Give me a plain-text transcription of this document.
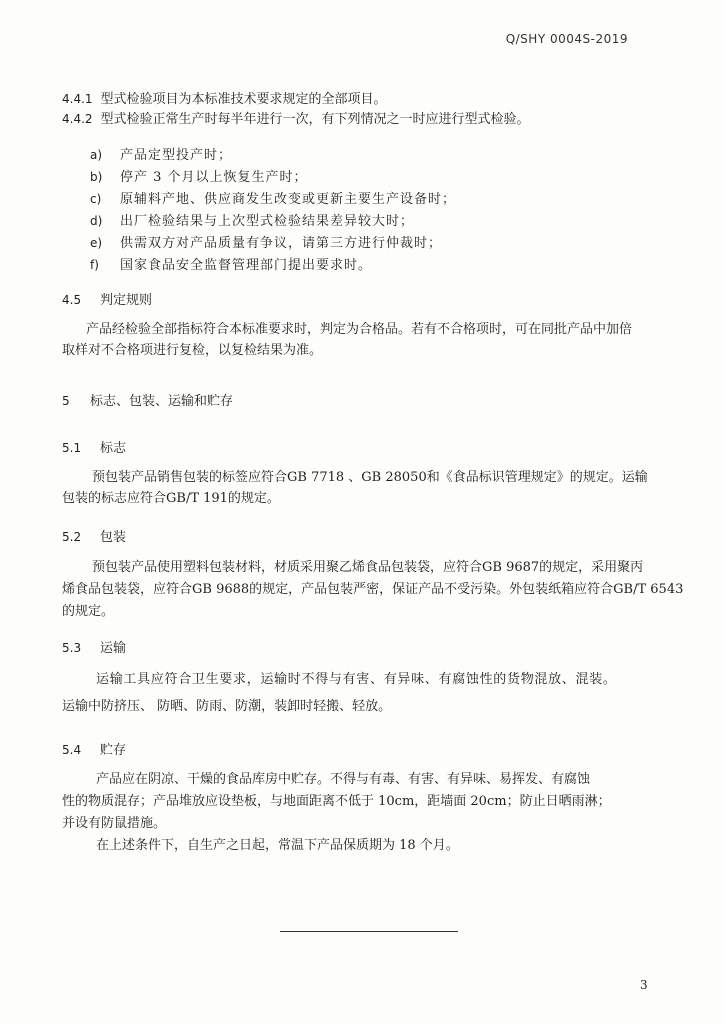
Q/SHY 0004S-2019
4.4.1 型式检验项目为本标准技术要求规定的全部项目。
4.4.2 型式检验正常生产时每半年进行一次，有下列情况之一时应进行型式检验。
a) 产品定型投产时；
b) 停产 3 个月以上恢复生产时；
c) 原辅料产地、供应商发生改变或更新主要生产设备时；
d) 出厂检验结果与上次型式检验结果差异较大时；
e) 供需双方对产品质量有争议，请第三方进行仲裁时；
f) 国家食品安全监督管理部门提出要求时。
4.5 判定规则
产品经检验全部指标符合本标准要求时，判定为合格品。若有不合格项时，可在同批产品中加倍
取样对不合格项进行复检，以复检结果为准。
5 标志、包装、运输和贮存
5.1 标志
预包装产品销售包装的标签应符合GB 7718 、GB 28050和《食品标识管理规定》的规定。运输
包装的标志应符合GB/T 191的规定。
5.2 包装
预包装产品使用塑料包装材料，材质采用聚乙烯食品包装袋，应符合GB 9687的规定，采用聚丙
烯食品包装袋，应符合GB 9688的规定，产品包装严密，保证产品不受污染。外包装纸箱应符合GB/T 6543
的规定。
5.3 运输
运输工具应符合卫生要求，运输时不得与有害、有异味、有腐蚀性的货物混放、混装。
运输中防挤压、 防晒、防雨、防潮，装卸时轻搬、轻放。
5.4 贮存
产品应在阴凉、干燥的食品库房中贮存。不得与有毒、有害、有异味、易挥发、有腐蚀
性的物质混存；产品堆放应设垫板，与地面距离不低于 10cm，距墙面 20cm；防止日晒雨淋；
并设有防鼠措施。
在上述条件下，自生产之日起，常温下产品保质期为 18 个月。
3
